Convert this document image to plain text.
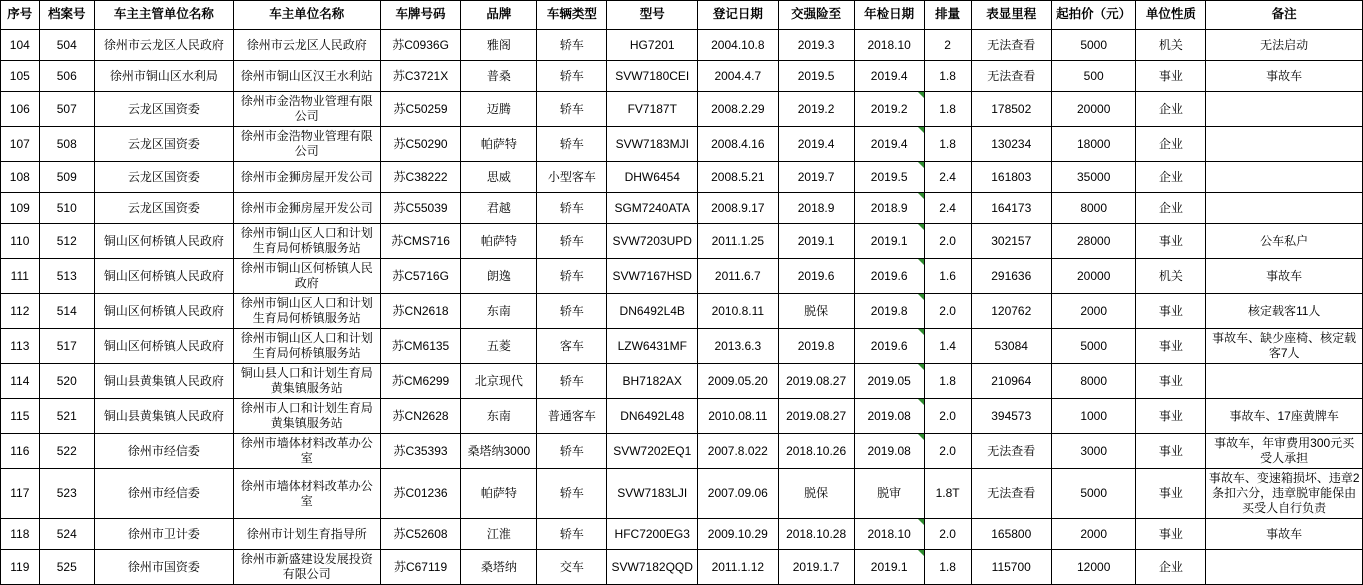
序号	档案号	车主主管单位名称	车主单位名称	车牌号码	品牌	车辆类型	型号	登记日期	交强险至	年检日期	排量	表显里程	起拍价（元）	单位性质	备注
104	504	徐州市云龙区人民政府	徐州市云龙区人民政府	苏C0936G	雅阁	轿车	HG7201	2004.10.8	2019.3	2018.10	2	无法查看	5000	机关	无法启动
105	506	徐州市铜山区水利局	徐州市铜山区汉王水利站	苏C3721X	普桑	轿车	SVW7180CEI	2004.4.7	2019.5	2019.4	1.8	无法查看	500	事业	事故车
106	507	云龙区国资委	徐州市金浩物业管理有限公司	苏C50259	迈腾	轿车	FV7187T	2008.2.29	2019.2	2019.2	1.8	178502	20000	企业	
107	508	云龙区国资委	徐州市金浩物业管理有限公司	苏C50290	帕萨特	轿车	SVW7183MJI	2008.4.16	2019.4	2019.4	1.8	130234	18000	企业	
108	509	云龙区国资委	徐州市金狮房屋开发公司	苏C38222	思威	小型客车	DHW6454	2008.5.21	2019.7	2019.5	2.4	161803	35000	企业	
109	510	云龙区国资委	徐州市金狮房屋开发公司	苏C55039	君越	轿车	SGM7240ATA	2008.9.17	2018.9	2018.9	2.4	164173	8000	企业	
110	512	铜山区何桥镇人民政府	徐州市铜山区人口和计划生育局何桥镇服务站	苏CMS716	帕萨特	轿车	SVW7203UPD	2011.1.25	2019.1	2019.1	2.0	302157	28000	事业	公车私户
111	513	铜山区何桥镇人民政府	徐州市铜山区何桥镇人民政府	苏C5716G	朗逸	轿车	SVW7167HSD	2011.6.7	2019.6	2019.6	1.6	291636	20000	机关	事故车
112	514	铜山区何桥镇人民政府	徐州市铜山区人口和计划生育局何桥镇服务站	苏CN2618	东南	轿车	DN6492L4B	2010.8.11	脱保	2019.8	2.0	120762	2000	事业	核定载客11人
113	517	铜山区何桥镇人民政府	徐州市铜山区人口和计划生育局何桥镇服务站	苏CM6135	五菱	客车	LZW6431MF	2013.6.3	2019.8	2019.6	1.4	53084	5000	事业	事故车、缺少座椅、核定载客7人
114	520	铜山县黄集镇人民政府	铜山县人口和计划生育局黄集镇服务站	苏CM6299	北京现代	轿车	BH7182AX	2009.05.20	2019.08.27	2019.05	1.8	210964	8000	事业	
115	521	铜山县黄集镇人民政府	徐州市人口和计划生育局黄集镇服务站	苏CN2628	东南	普通客车	DN6492L48	2010.08.11	2019.08.27	2019.08	2.0	394573	1000	事业	事故车、17座黄牌车
116	522	徐州市经信委	徐州市墙体材料改革办公室	苏C35393	桑塔纳3000	轿车	SVW7202EQ1	2007.8.022	2018.10.26	2019.08	2.0	无法查看	3000	事业	事故车，年审费用300元买受人承担
117	523	徐州市经信委	徐州市墙体材料改革办公室	苏C01236	帕萨特	轿车	SVW7183LJI	2007.09.06	脱保	脱审	1.8T	无法查看	5000	事业	事故车、变速箱损坏、违章2条扣六分，违章脱审能保由买受人自行负责
118	524	徐州市卫计委	徐州市计划生育指导所	苏C52608	江淮	轿车	HFC7200EG3	2009.10.29	2018.10.28	2018.10	2.0	165800	2000	事业	事故车
119	525	徐州市国资委	徐州市新盛建设发展投资有限公司	苏C67119	桑塔纳	交车	SVW7182QQD	2011.1.12	2019.1.7	2019.1	1.8	115700	12000	企业	
